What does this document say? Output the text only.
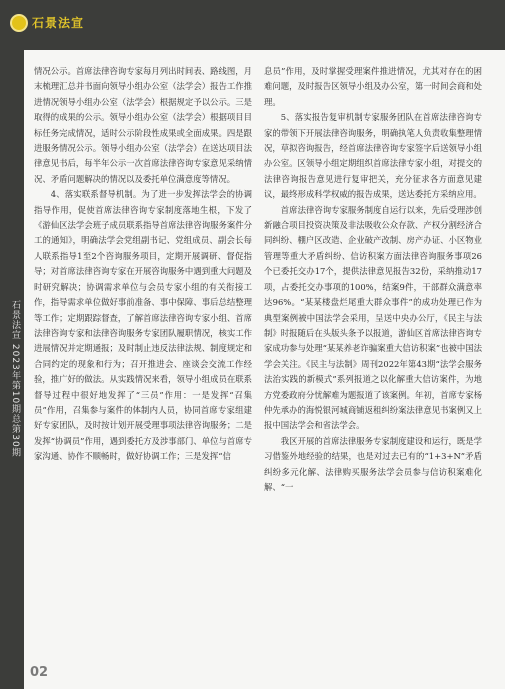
石景法宣
石景法宣 2023年第10期总第30期

情况公示。首席法律咨询专家每月列出时间表、路线图，月末梳理汇总并书面向领导小组办公室（法学会）报告工作推进情况领导小组办公室（法学会）根据规定予以公示。三是取得的成果的公示。领导小组办公室（法学会）根据项目目标任务完成情况，适时公示阶段性成果或全面成果。四是跟进服务情况公示。领导小组办公室（法学会）在送达项目法律意见书后，每半年公示一次首席法律咨询专家意见采纳情况、矛盾问题解决的情况以及委托单位满意度等情况。

4、落实联系督导机制。为了进一步发挥法学会的协调指导作用，促使首席法律咨询专家制度落地生根，下发了《游仙区法学会班子成员联系指导首席法律咨询服务案件分工的通知》，明确法学会党组副书记、党组成员、副会长每人联系指导1至2个咨询服务项目，定期开展调研、督促指导；对首席法律咨询专家在开展咨询服务中遇到重大问题及时研究解决；协调需求单位与会员专家小组的有关衔接工作，指导需求单位做好事前准备、事中保障、事后总结整理等工作；定期跟踪督查，了解首席法律咨询专家小组、首席法律咨询专家和法律咨询服务专家团队履职情况，核实工作进展情况并定期通报；及时制止违反法律法规、制度规定和合同约定的现象和行为；召开推进会、座谈会交流工作经验，推广好的做法。从实践情况来看，领导小组成员在联系督导过程中很好地发挥了“三员”作用：一是发挥“召集员”作用，召集参与案件的体制内人员，协同首席专家组建好专家团队，及时按计划开展受理事项法律咨询服务；二是发挥“协调员”作用，遇到委托方及涉事部门、单位与首席专家沟通、协作不顺畅时，做好协调工作；三是发挥“信

息员”作用，及时掌握受理案件推进情况，尤其对存在的困难问题，及时报告区领导小组及办公室，第一时间会商和处理。

5、落实报告复审机制专家服务团队在首席法律咨询专家的带领下开展法律咨询服务，明确执笔人负责收集整理情况，草拟咨询报告，经首席法律咨询专家签字后送领导小组办公室。区领导小组定期组织首席法律专家小组，对提交的法律咨询报告意见进行复审把关，充分征求各方面意见建议，最终形成科学权威的报告成果，送达委托方采纳应用。

首席法律咨询专家服务制度自运行以来，先后受理涉创新融合项目投资决策及非法吸收公众存款、产权分割经济合同纠纷、棚户区改造、企业破产改制、房产办证、小区物业管理等重大矛盾纠纷、信访积案方面法律咨询服务事项26个已委托交办17个，提供法律意见报告32份，采纳推动17项，占委托交办事项的100%，结案9件，干部群众满意率达96%。“某某楼盘烂尾重大群众事件”的成功处理已作为典型案例被中国法学会采用，呈送中央办公厅，《民主与法制》时报随后在头版头条予以报道，游仙区首席法律咨询专家成功参与处理“某某养老诈骗案重大信访积案”也被中国法学会关注。《民主与法制》周刊2022年第43期“法学会服务法治实践的新模式”系列报道之以化解重大信访案件，为地方党委政府分忧解难为题报道了该案例。年初，首席专家杨仲先承办的海悦银河城商铺返租纠纷案法律意见书案例又上报中国法学会和省法学会。

我区开展的首席法律服务专家制度建设和运行，既是学习借鉴外地经验的结果，也是对过去已有的“1+3+N”矛盾纠纷多元化解、法律购买服务法学会员参与信访积案难化解、“一

02
